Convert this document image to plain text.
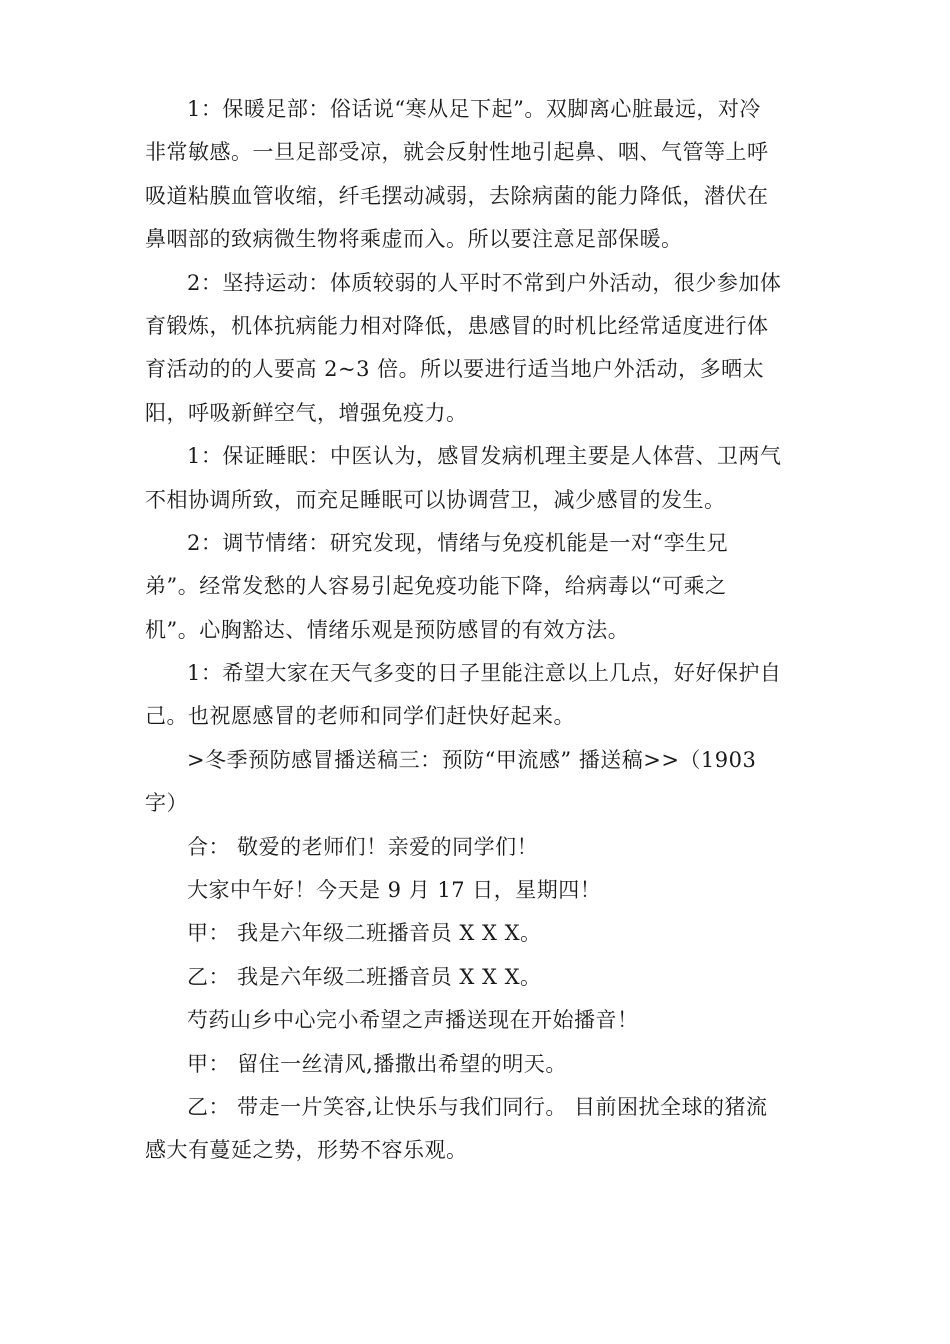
1：保暖足部：俗话说“寒从足下起”。双脚离心脏最远，对冷
非常敏感。一旦足部受凉，就会反射性地引起鼻、咽、气管等上呼
吸道粘膜血管收缩，纤毛摆动减弱，去除病菌的能力降低，潜伏在
鼻咽部的致病微生物将乘虚而入。所以要注意足部保暖。
2：坚持运动：体质较弱的人平时不常到户外活动，很少参加体
育锻炼，机体抗病能力相对降低，患感冒的时机比经常适度进行体
育活动的的人要高 2~3 倍。所以要进行适当地户外活动，多晒太
阳，呼吸新鲜空气，增强免疫力。
1：保证睡眠：中医认为，感冒发病机理主要是人体营、卫两气
不相协调所致，而充足睡眠可以协调营卫，减少感冒的发生。
2：调节情绪：研究发现，情绪与免疫机能是一对“孪生兄
弟”。经常发愁的人容易引起免疫功能下降，给病毒以“可乘之
机”。心胸豁达、情绪乐观是预防感冒的有效方法。
1：希望大家在天气多变的日子里能注意以上几点，好好保护自
己。也祝愿感冒的老师和同学们赶快好起来。
>冬季预防感冒播送稿三：预防“甲流感” 播送稿>>（1903
字）
合： 敬爱的老师们！亲爱的同学们！
大家中午好！今天是 9 月 17 日，星期四！
甲： 我是六年级二班播音员 X X X。
乙： 我是六年级二班播音员 X X X。
芍药山乡中心完小希望之声播送现在开始播音！
甲： 留住一丝清风,播撒出希望的明天。
乙： 带走一片笑容,让快乐与我们同行。 目前困扰全球的猪流
感大有蔓延之势，形势不容乐观。
